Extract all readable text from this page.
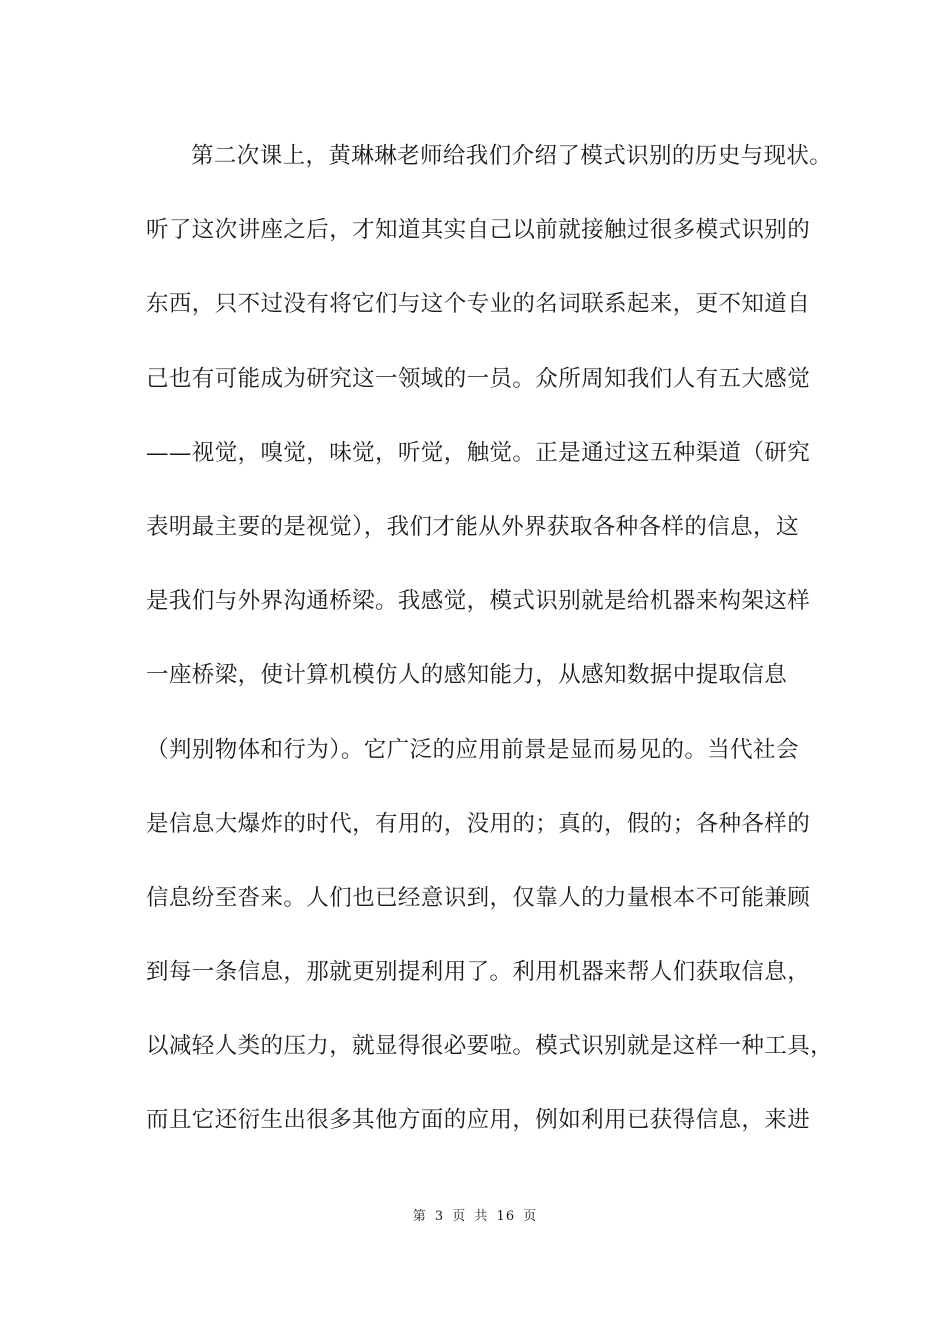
第二次课上，黄琳琳老师给我们介绍了模式识别的历史与现状。
听了这次讲座之后，才知道其实自己以前就接触过很多模式识别的
东西，只不过没有将它们与这个专业的名词联系起来，更不知道自
己也有可能成为研究这一领域的一员。众所周知我们人有五大感觉
——视觉，嗅觉，味觉，听觉，触觉。正是通过这五种渠道（研究
表明最主要的是视觉），我们才能从外界获取各种各样的信息，这
是我们与外界沟通桥梁。我感觉，模式识别就是给机器来构架这样
一座桥梁，使计算机模仿人的感知能力，从感知数据中提取信息
（判别物体和行为）。它广泛的应用前景是显而易见的。当代社会
是信息大爆炸的时代，有用的，没用的；真的，假的；各种各样的
信息纷至沓来。人们也已经意识到，仅靠人的力量根本不可能兼顾
到每一条信息，那就更别提利用了。利用机器来帮人们获取信息，
以减轻人类的压力，就显得很必要啦。模式识别就是这样一种工具，
而且它还衍生出很多其他方面的应用，例如利用已获得信息，来进
第 3 页 共 16 页
